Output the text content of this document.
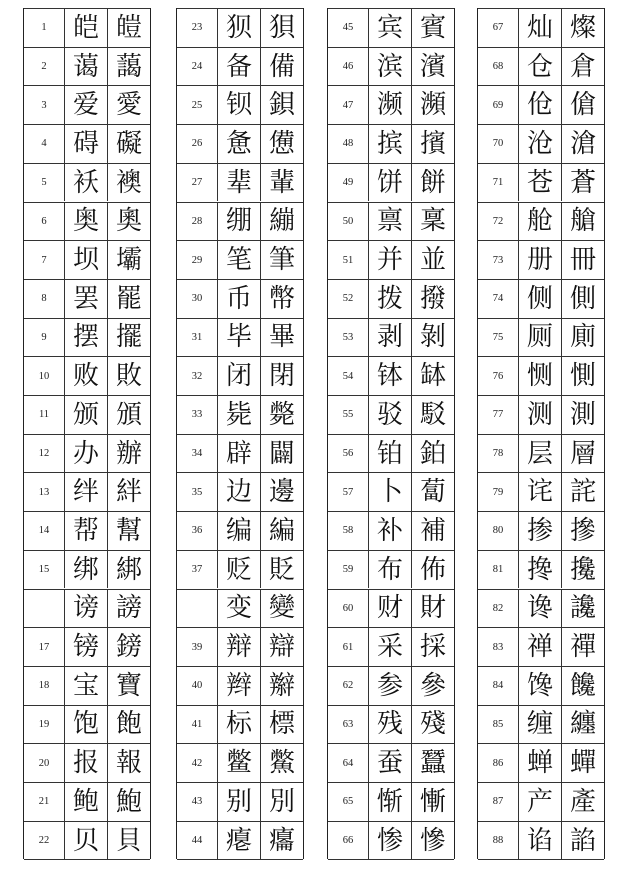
1	皑 皚
2	蔼 藹
3	爱 愛
4	碍 礙
5	袄 襖
6	奥 奧
7	坝 壩
8	罢 罷
9	摆 擺
10 败 敗
11 颁 頒
12 办 辦
13 绊 絆
14 帮 幫
15 绑 綁
谤 謗
17 镑 鎊
18 宝 寶
19 饱 飽
20 报 報
21 鲍 鮑
22 贝 貝
23 狈 狽
24 备 備
25 钡 鋇
26 惫 憊
27 辈 輩
28 绷 繃
29 笔 筆
30 币 幣
31 毕 畢
32 闭 閉
33 毙 斃
34 辟 闢
35 边 邊
36 编 編
37 贬 貶
变 變
39 辩 辯
40 辫 辮
41 标 標
42 鳖 鱉
43 别 別
44 瘪 癟
45 宾 賓
46 滨 濱
47 濒 瀕
48 摈 擯
49 饼 餅
50 禀 稟
51 并 並
52 拨 撥
53 剥 剝
54 钵 缽
55 驳 駁
56 铂 鉑
57 卜 蔔
58 补 補
59 布 佈
60 财 財
61 采 採
62 参 參
63 残 殘
64 蚕 蠶
65 惭 慚
66 惨 慘
67 灿 燦
68 仓 倉
69 伧 傖
70 沧 滄
71 苍 蒼
72 舱 艙
73 册 冊
74 侧 側
75 厕 廁
76 恻 惻
77 测 測
78 层 層
79 诧 詫
80 掺 摻
81 搀 攙
82 谗 讒
83 禅 禪
84 馋 饞
85 缠 纏
86 蝉 蟬
87 产 產
88 谄 諂
